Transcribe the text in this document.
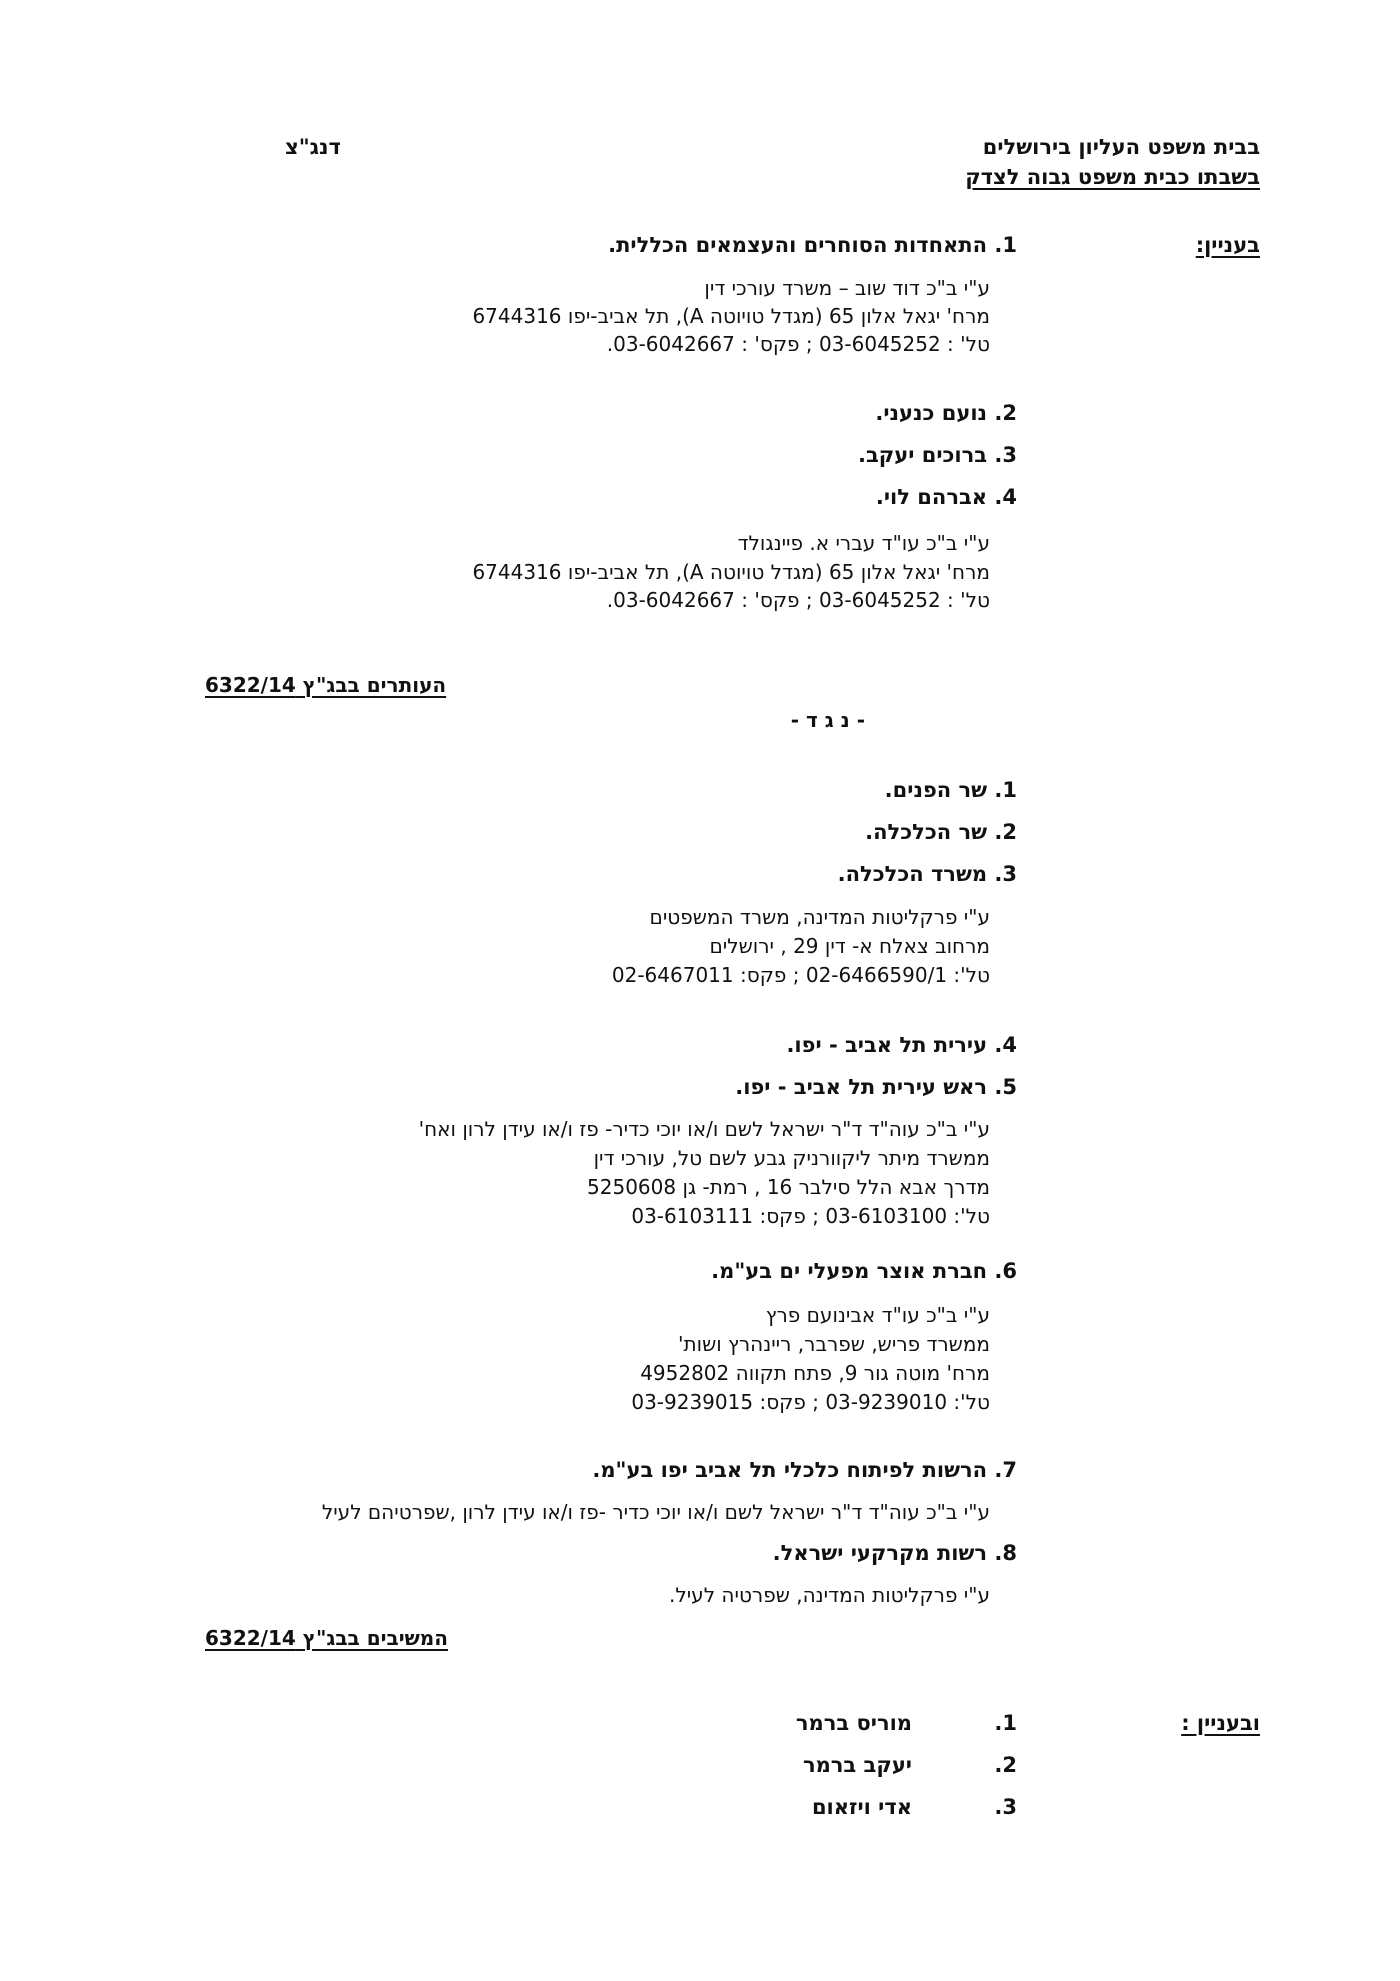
בבית משפט העליון בירושלים
בשבתו כבית משפט גבוה לצדק
דנג"צ
בעניין:
1. התאחדות הסוחרים והעצמאים הכללית.
ע"י ב"כ דוד שוב – משרד עורכי דין
מרח' יגאל אלון 65 (מגדל טויוטה A), תל אביב-יפו 6744316
טל' : 03-6045252 ; פקס' : 03-6042667.
2. נועם כנעני.
3. ברוכים יעקב.
4. אברהם לוי.
ע"י ב"כ עו"ד עברי א. פיינגולד
מרח' יגאל אלון 65 (מגדל טויוטה A), תל אביב-יפו 6744316
טל' : 03-6045252 ; פקס' : 03-6042667.
העותרים בבג"ץ 6322/14
- נ ג ד -
1. שר הפנים.
2. שר הכלכלה.
3. משרד הכלכלה.
ע"י פרקליטות המדינה, משרד המשפטים
מרחוב צאלח א- דין 29 , ירושלים
טל': 02-6466590/1 ; פקס: 02-6467011
4. עירית תל אביב - יפו.
5. ראש עירית תל אביב - יפו.
ע"י ב"כ עוה"ד ד"ר ישראל לשם ו/או יוכי כדיר- פז ו/או עידן לרון ואח'
ממשרד מיתר ליקוורניק גבע לשם טל, עורכי דין
מדרך אבא הלל סילבר 16 , רמת- גן 5250608
טל': 03-6103100 ; פקס: 03-6103111
6. חברת אוצר מפעלי ים בע"מ.
ע"י ב"כ עו"ד אבינועם פרץ
ממשרד פריש, שפרבר, ריינהרץ ושות'
מרח' מוטה גור 9, פתח תקווה 4952802
טל': 03-9239010 ; פקס: 03-9239015
7. הרשות לפיתוח כלכלי תל אביב יפו בע"מ.
ע"י ב"כ עוה"ד ד"ר ישראל לשם ו/או יוכי כדיר -פז ו/או עידן לרון ,שפרטיהם לעיל
8. רשות מקרקעי ישראל.
ע"י פרקליטות המדינה, שפרטיה לעיל.
המשיבים בבג"ץ 6322/14
ובעניין :
1.מוריס ברמר
2.יעקב ברמר
3.אדי ויזאום
